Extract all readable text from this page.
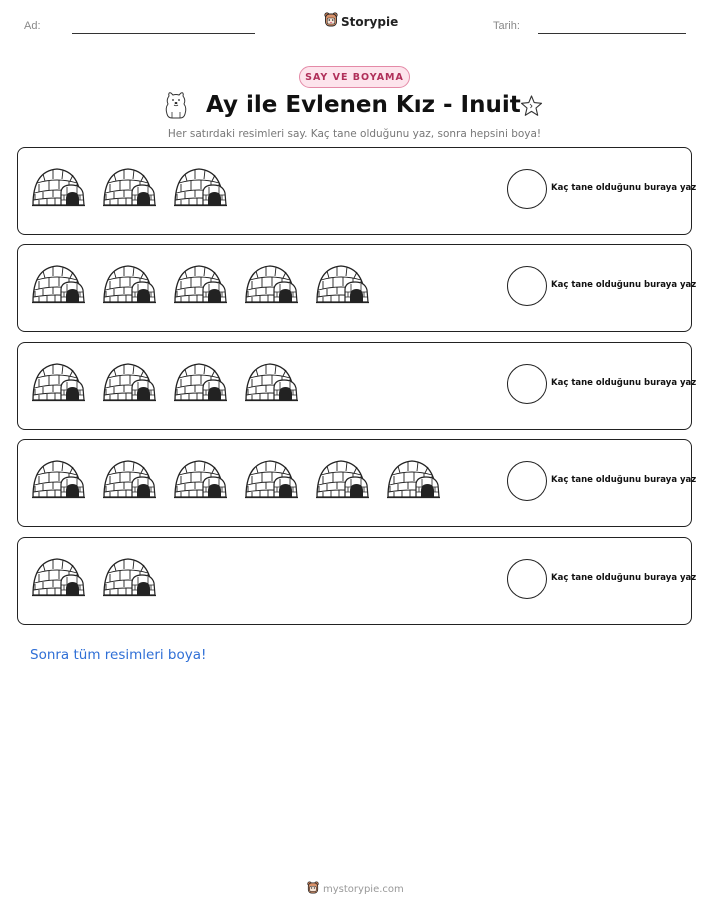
Ad:	Storypie	Tarih:
SAY VE BOYAMA
Ay ile Evlenen Kız - Inuit
Her satırdaki resimleri say. Kaç tane olduğunu yaz, sonra hepsini boya!
Kaç tane olduğunu buraya yaz
Kaç tane olduğunu buraya yaz
Kaç tane olduğunu buraya yaz
Kaç tane olduğunu buraya yaz
Kaç tane olduğunu buraya yaz
Sonra tüm resimleri boya!
mystorypie.com
